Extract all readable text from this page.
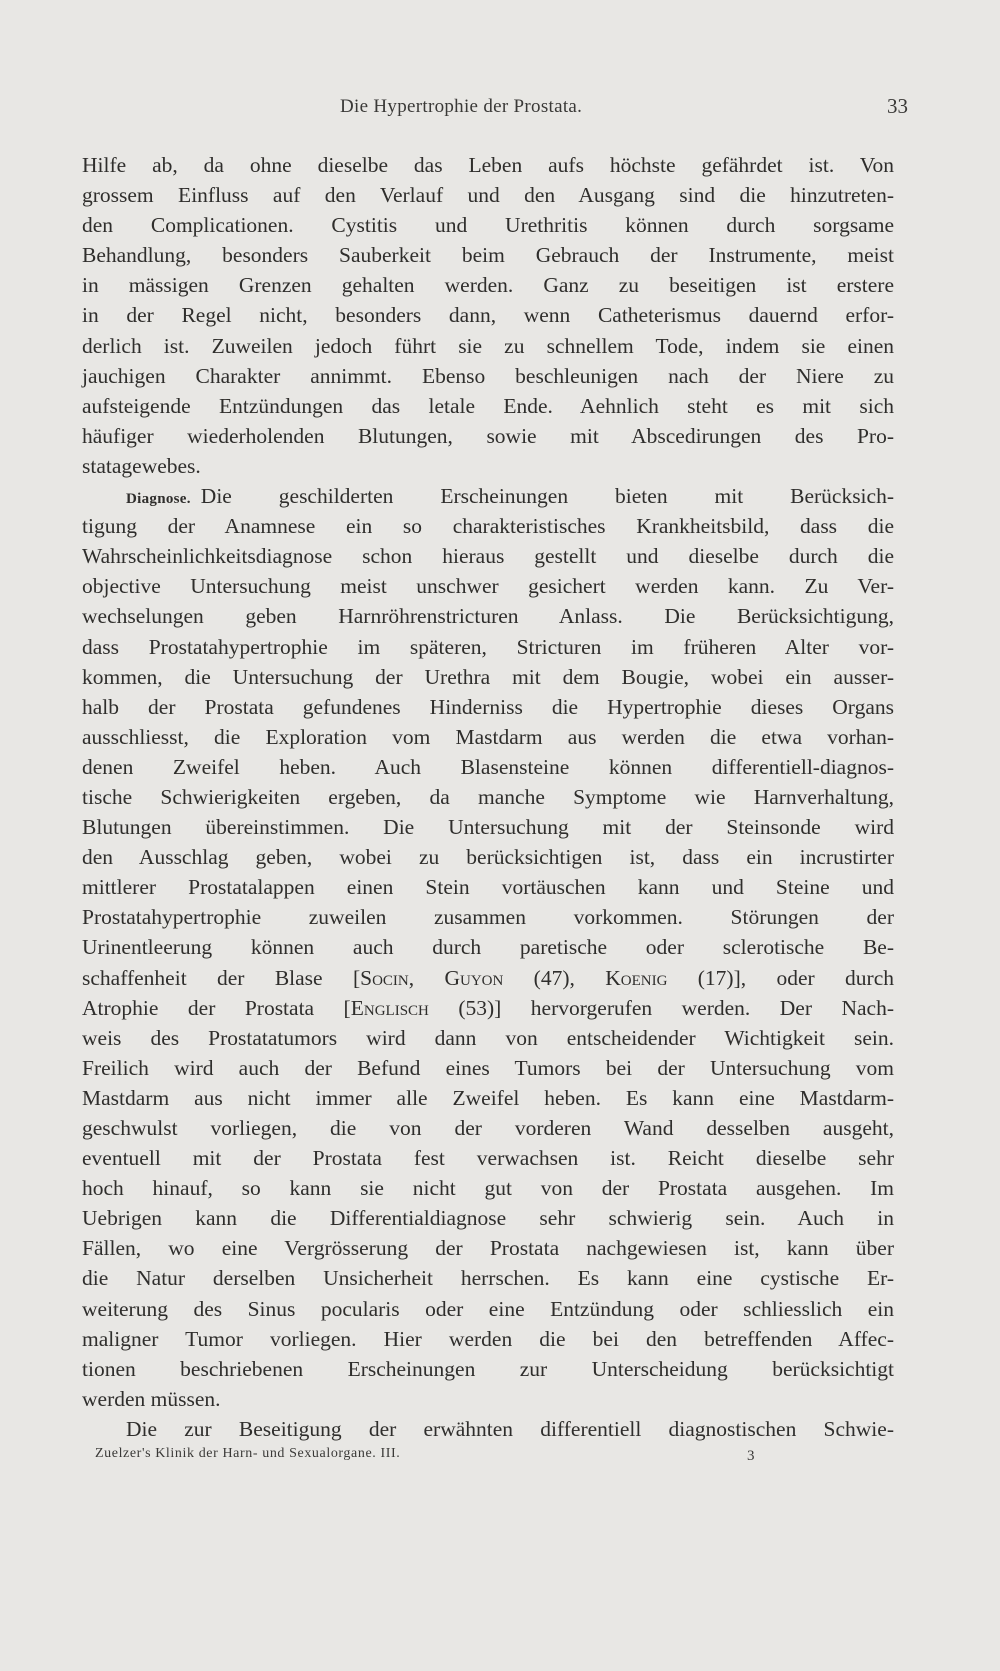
Die Hypertrophie der Prostata.	33
Hilfe ab, da ohne dieselbe das Leben aufs höchste gefährdet ist. Von
grossem Einfluss auf den Verlauf und den Ausgang sind die hinzutreten-
den Complicationen. Cystitis und Urethritis können durch sorgsame
Behandlung, besonders Sauberkeit beim Gebrauch der Instrumente, meist
in mässigen Grenzen gehalten werden. Ganz zu beseitigen ist erstere
in der Regel nicht, besonders dann, wenn Catheterismus dauernd erfor-
derlich ist. Zuweilen jedoch führt sie zu schnellem Tode, indem sie einen
jauchigen Charakter annimmt. Ebenso beschleunigen nach der Niere zu
aufsteigende Entzündungen das letale Ende. Aehnlich steht es mit sich
häufiger wiederholenden Blutungen, sowie mit Abscedirungen des Pro-
statagewebes.
Diagnose. Die geschilderten Erscheinungen bieten mit Berücksich-
tigung der Anamnese ein so charakteristisches Krankheitsbild, dass die
Wahrscheinlichkeitsdiagnose schon hieraus gestellt und dieselbe durch die
objective Untersuchung meist unschwer gesichert werden kann. Zu Ver-
wechselungen geben Harnröhrenstricturen Anlass. Die Berücksichtigung,
dass Prostatahypertrophie im späteren, Stricturen im früheren Alter vor-
kommen, die Untersuchung der Urethra mit dem Bougie, wobei ein ausser-
halb der Prostata gefundenes Hinderniss die Hypertrophie dieses Organs
ausschliesst, die Exploration vom Mastdarm aus werden die etwa vorhan-
denen Zweifel heben. Auch Blasensteine können differentiell-diagnos-
tische Schwierigkeiten ergeben, da manche Symptome wie Harnverhaltung,
Blutungen übereinstimmen. Die Untersuchung mit der Steinsonde wird
den Ausschlag geben, wobei zu berücksichtigen ist, dass ein incrustirter
mittlerer Prostatalappen einen Stein vortäuschen kann und Steine und
Prostatahypertrophie zuweilen zusammen vorkommen. Störungen der
Urinentleerung können auch durch paretische oder sclerotische Be-
schaffenheit der Blase [Socin, Guyon (47), Koenig (17)], oder durch
Atrophie der Prostata [Englisch (53)] hervorgerufen werden. Der Nach-
weis des Prostatatumors wird dann von entscheidender Wichtigkeit sein.
Freilich wird auch der Befund eines Tumors bei der Untersuchung vom
Mastdarm aus nicht immer alle Zweifel heben. Es kann eine Mastdarm-
geschwulst vorliegen, die von der vorderen Wand desselben ausgeht,
eventuell mit der Prostata fest verwachsen ist. Reicht dieselbe sehr
hoch hinauf, so kann sie nicht gut von der Prostata ausgehen. Im
Uebrigen kann die Differentialdiagnose sehr schwierig sein. Auch in
Fällen, wo eine Vergrösserung der Prostata nachgewiesen ist, kann über
die Natur derselben Unsicherheit herrschen. Es kann eine cystische Er-
weiterung des Sinus pocularis oder eine Entzündung oder schliesslich ein
maligner Tumor vorliegen. Hier werden die bei den betreffenden Affec-
tionen beschriebenen Erscheinungen zur Unterscheidung berücksichtigt
werden müssen.
Die zur Beseitigung der erwähnten differentiell diagnostischen Schwie-
Zuelzer's Klinik der Harn- und Sexualorgane. III.	3
